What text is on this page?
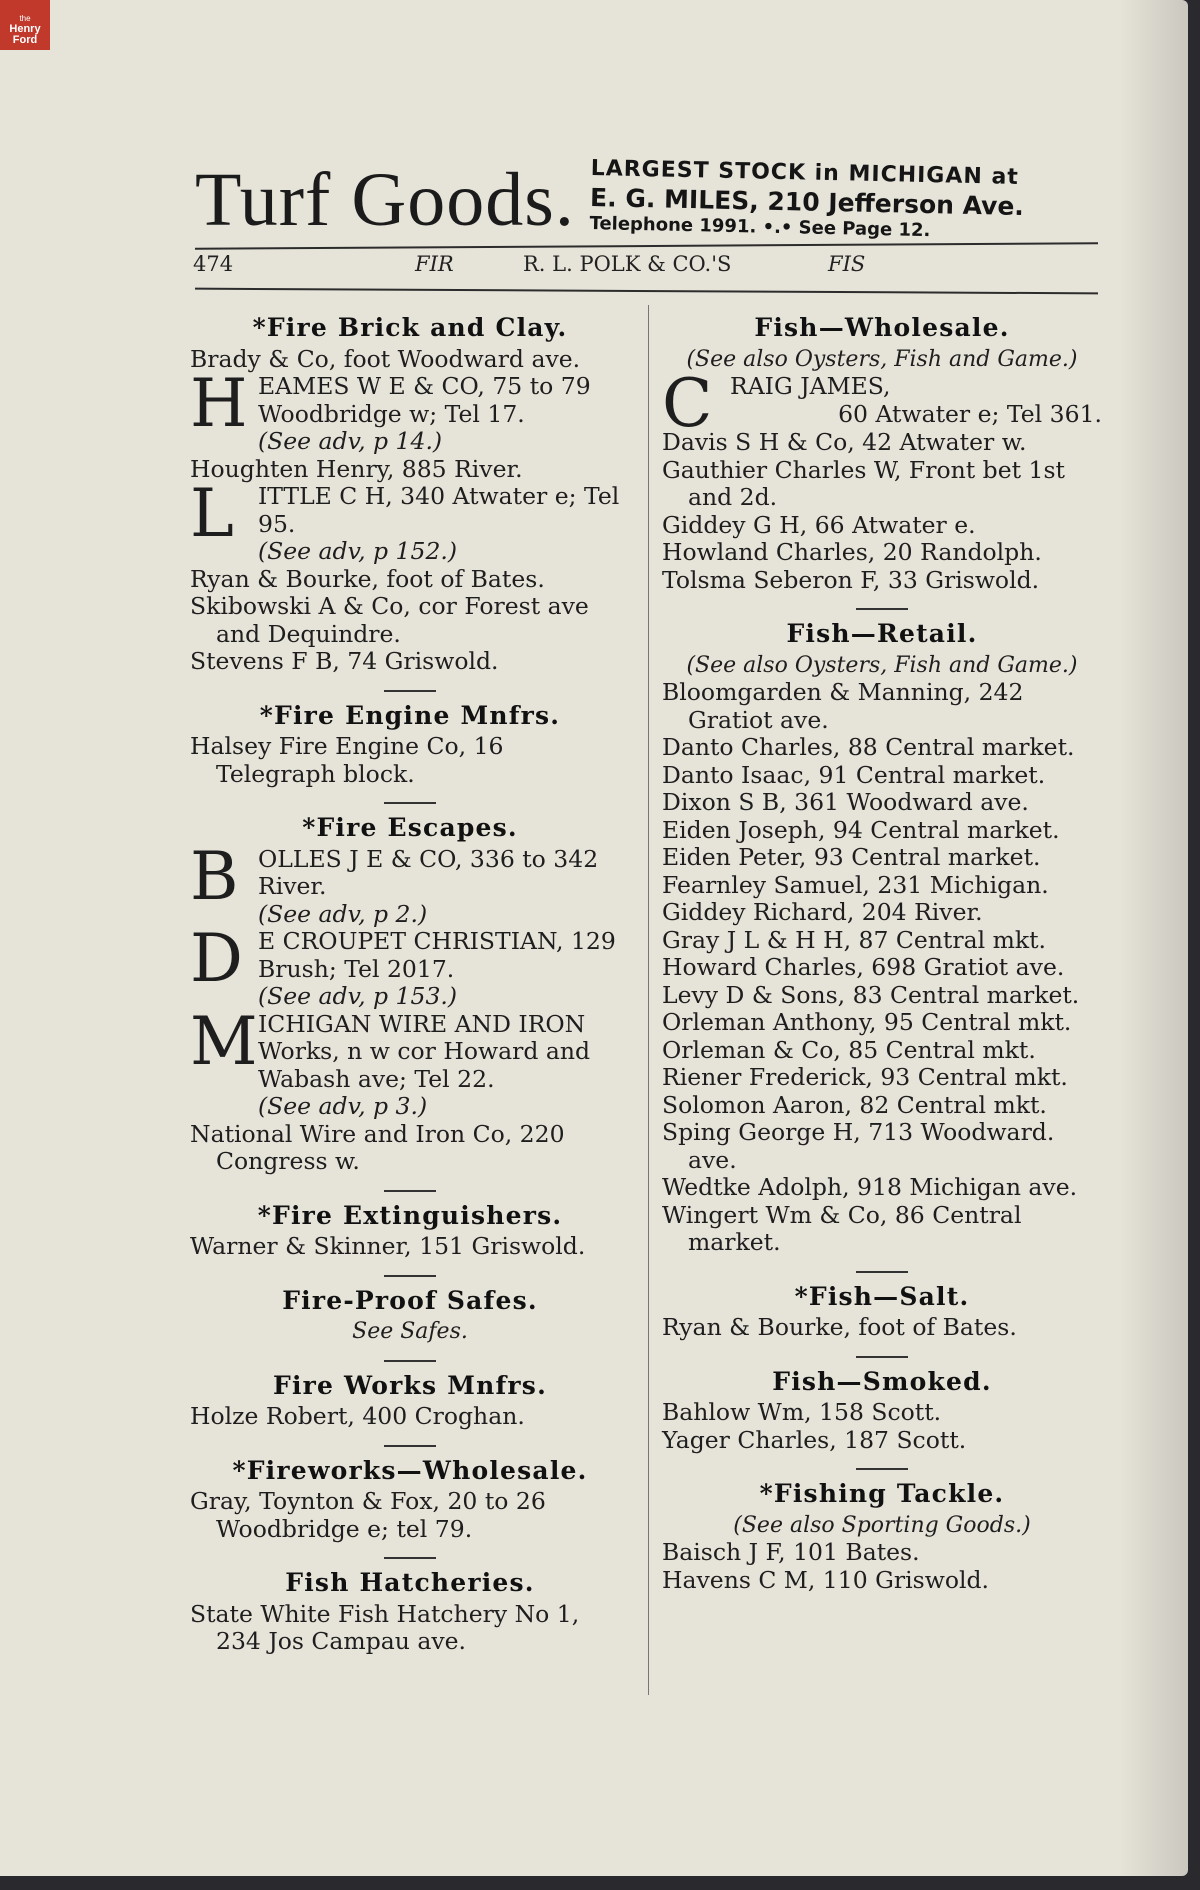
the
Henry Ford
Turf Goods. LARGEST STOCK in MICHIGAN at
E. G. MILES, 210 Jefferson Ave.
Telephone 1991. •.• See Page 12.
474	FIR	R. L. POLK & CO.'S	FIS
*Fire Brick and Clay.
Brady & Co, foot Woodward ave.
H EAMES W E & CO, 75 to 79 Woodbridge w; Tel 17.
(See adv, p 14.)
Houghten Henry, 885 River.
L ITTLE C H, 340 Atwater e; Tel 95.
(See adv, p 152.)
Ryan & Bourke, foot of Bates.
Skibowski A & Co, cor Forest ave and Dequindre.
Stevens F B, 74 Griswold.
*Fire Engine Mnfrs.
Halsey Fire Engine Co, 16 Telegraph block.
*Fire Escapes.
B OLLES J E & CO, 336 to 342 River.
(See adv, p 2.)
D E CROUPET CHRISTIAN, 129 Brush; Tel 2017.
(See adv, p 153.)
M ICHIGAN WIRE AND IRON Works, n w cor Howard and Wabash ave; Tel 22.
(See adv, p 3.)
National Wire and Iron Co, 220 Congress w.
*Fire Extinguishers.
Warner & Skinner, 151 Griswold.
Fire-Proof Safes.
See Safes.
Fire Works Mnfrs.
Holze Robert, 400 Croghan.
*Fireworks—Wholesale.
Gray, Toynton & Fox, 20 to 26 Woodbridge e; tel 79.
Fish Hatcheries.
State White Fish Hatchery No 1, 234 Jos Campau ave.
Fish—Wholesale.
(See also Oysters, Fish and Game.)
C RAIG JAMES,
60 Atwater e; Tel 361.
Davis S H & Co, 42 Atwater w.
Gauthier Charles W, Front bet 1st and 2d.
Giddey G H, 66 Atwater e.
Howland Charles, 20 Randolph.
Tolsma Seberon F, 33 Griswold.
Fish—Retail.
(See also Oysters, Fish and Game.)
Bloomgarden & Manning, 242 Gratiot ave.
Danto Charles, 88 Central market.
Danto Isaac, 91 Central market.
Dixon S B, 361 Woodward ave.
Eiden Joseph, 94 Central market.
Eiden Peter, 93 Central market.
Fearnley Samuel, 231 Michigan.
Giddey Richard, 204 River.
Gray J L & H H, 87 Central mkt.
Howard Charles, 698 Gratiot ave.
Levy D & Sons, 83 Central market.
Orleman Anthony, 95 Central mkt.
Orleman & Co, 85 Central mkt.
Riener Frederick, 93 Central mkt.
Solomon Aaron, 82 Central mkt.
Sping George H, 713 Woodward. ave.
Wedtke Adolph, 918 Michigan ave.
Wingert Wm & Co, 86 Central market.
*Fish—Salt.
Ryan & Bourke, foot of Bates.
Fish—Smoked.
Bahlow Wm, 158 Scott.
Yager Charles, 187 Scott.
*Fishing Tackle.
(See also Sporting Goods.)
Baisch J F, 101 Bates.
Havens C M, 110 Griswold.
